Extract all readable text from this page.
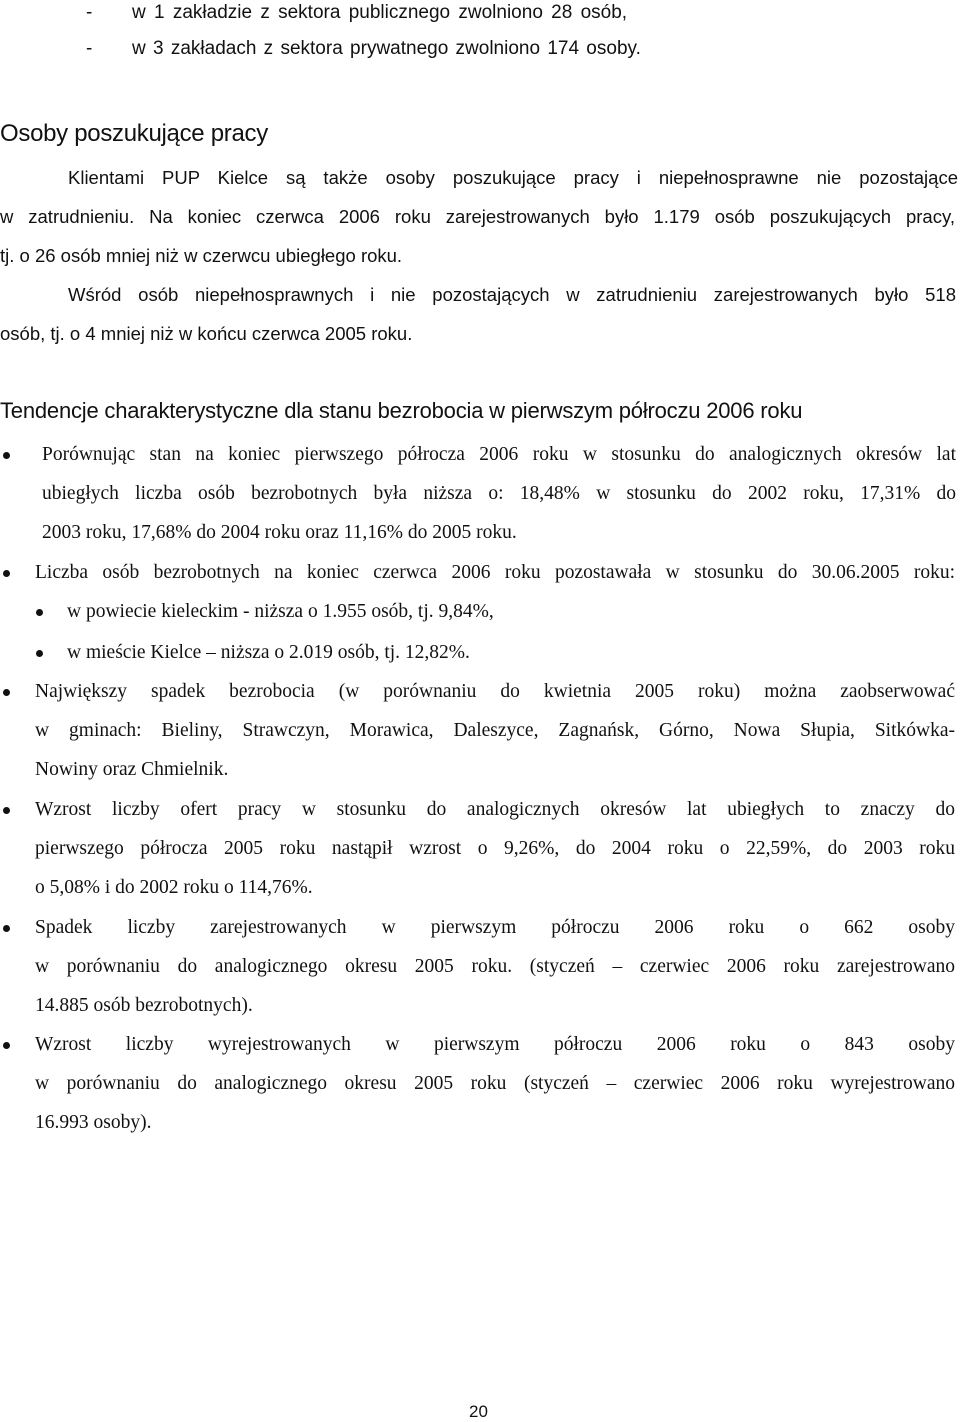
- w 1 zakładzie z sektora publicznego zwolniono 28 osób,
- w 3 zakładach z sektora prywatnego zwolniono 174 osoby.
Osoby poszukujące pracy
Klientami PUP Kielce są także osoby poszukujące pracy i niepełnosprawne nie pozostające
w zatrudnieniu. Na koniec czerwca 2006 roku zarejestrowanych było 1.179 osób poszukujących pracy,
tj. o 26 osób mniej niż w czerwcu ubiegłego roku.
Wśród osób niepełnosprawnych i nie pozostających w zatrudnieniu zarejestrowanych było 518
osób, tj. o 4 mniej niż w końcu czerwca 2005 roku.
Tendencje charakterystyczne dla stanu bezrobocia w pierwszym półroczu 2006 roku
Porównując stan na koniec pierwszego półrocza 2006 roku w stosunku do analogicznych okresów lat
ubiegłych liczba osób bezrobotnych była niższa o: 18,48% w stosunku do 2002 roku, 17,31% do
2003 roku, 17,68% do 2004 roku oraz 11,16% do 2005 roku.
Liczba osób bezrobotnych na koniec czerwca 2006 roku pozostawała w stosunku do 30.06.2005 roku:
w powiecie kieleckim - niższa o 1.955 osób, tj. 9,84%,
w mieście Kielce – niższa o 2.019 osób, tj. 12,82%.
Największy spadek bezrobocia (w porównaniu do kwietnia 2005 roku) można zaobserwować
w gminach: Bieliny, Strawczyn, Morawica, Daleszyce, Zagnańsk, Górno, Nowa Słupia, Sitkówka-
Nowiny oraz Chmielnik.
Wzrost liczby ofert pracy w stosunku do analogicznych okresów lat ubiegłych to znaczy do
pierwszego półrocza 2005 roku nastąpił wzrost o 9,26%, do 2004 roku o 22,59%, do 2003 roku
o 5,08% i do 2002 roku o 114,76%.
Spadek liczby zarejestrowanych w pierwszym półroczu 2006 roku o 662 osoby
w porównaniu do analogicznego okresu 2005 roku. (styczeń – czerwiec 2006 roku zarejestrowano
14.885 osób bezrobotnych).
Wzrost liczby wyrejestrowanych w pierwszym półroczu 2006 roku o 843 osoby
w porównaniu do analogicznego okresu 2005 roku (styczeń – czerwiec 2006 roku wyrejestrowano
16.993 osoby).
20
